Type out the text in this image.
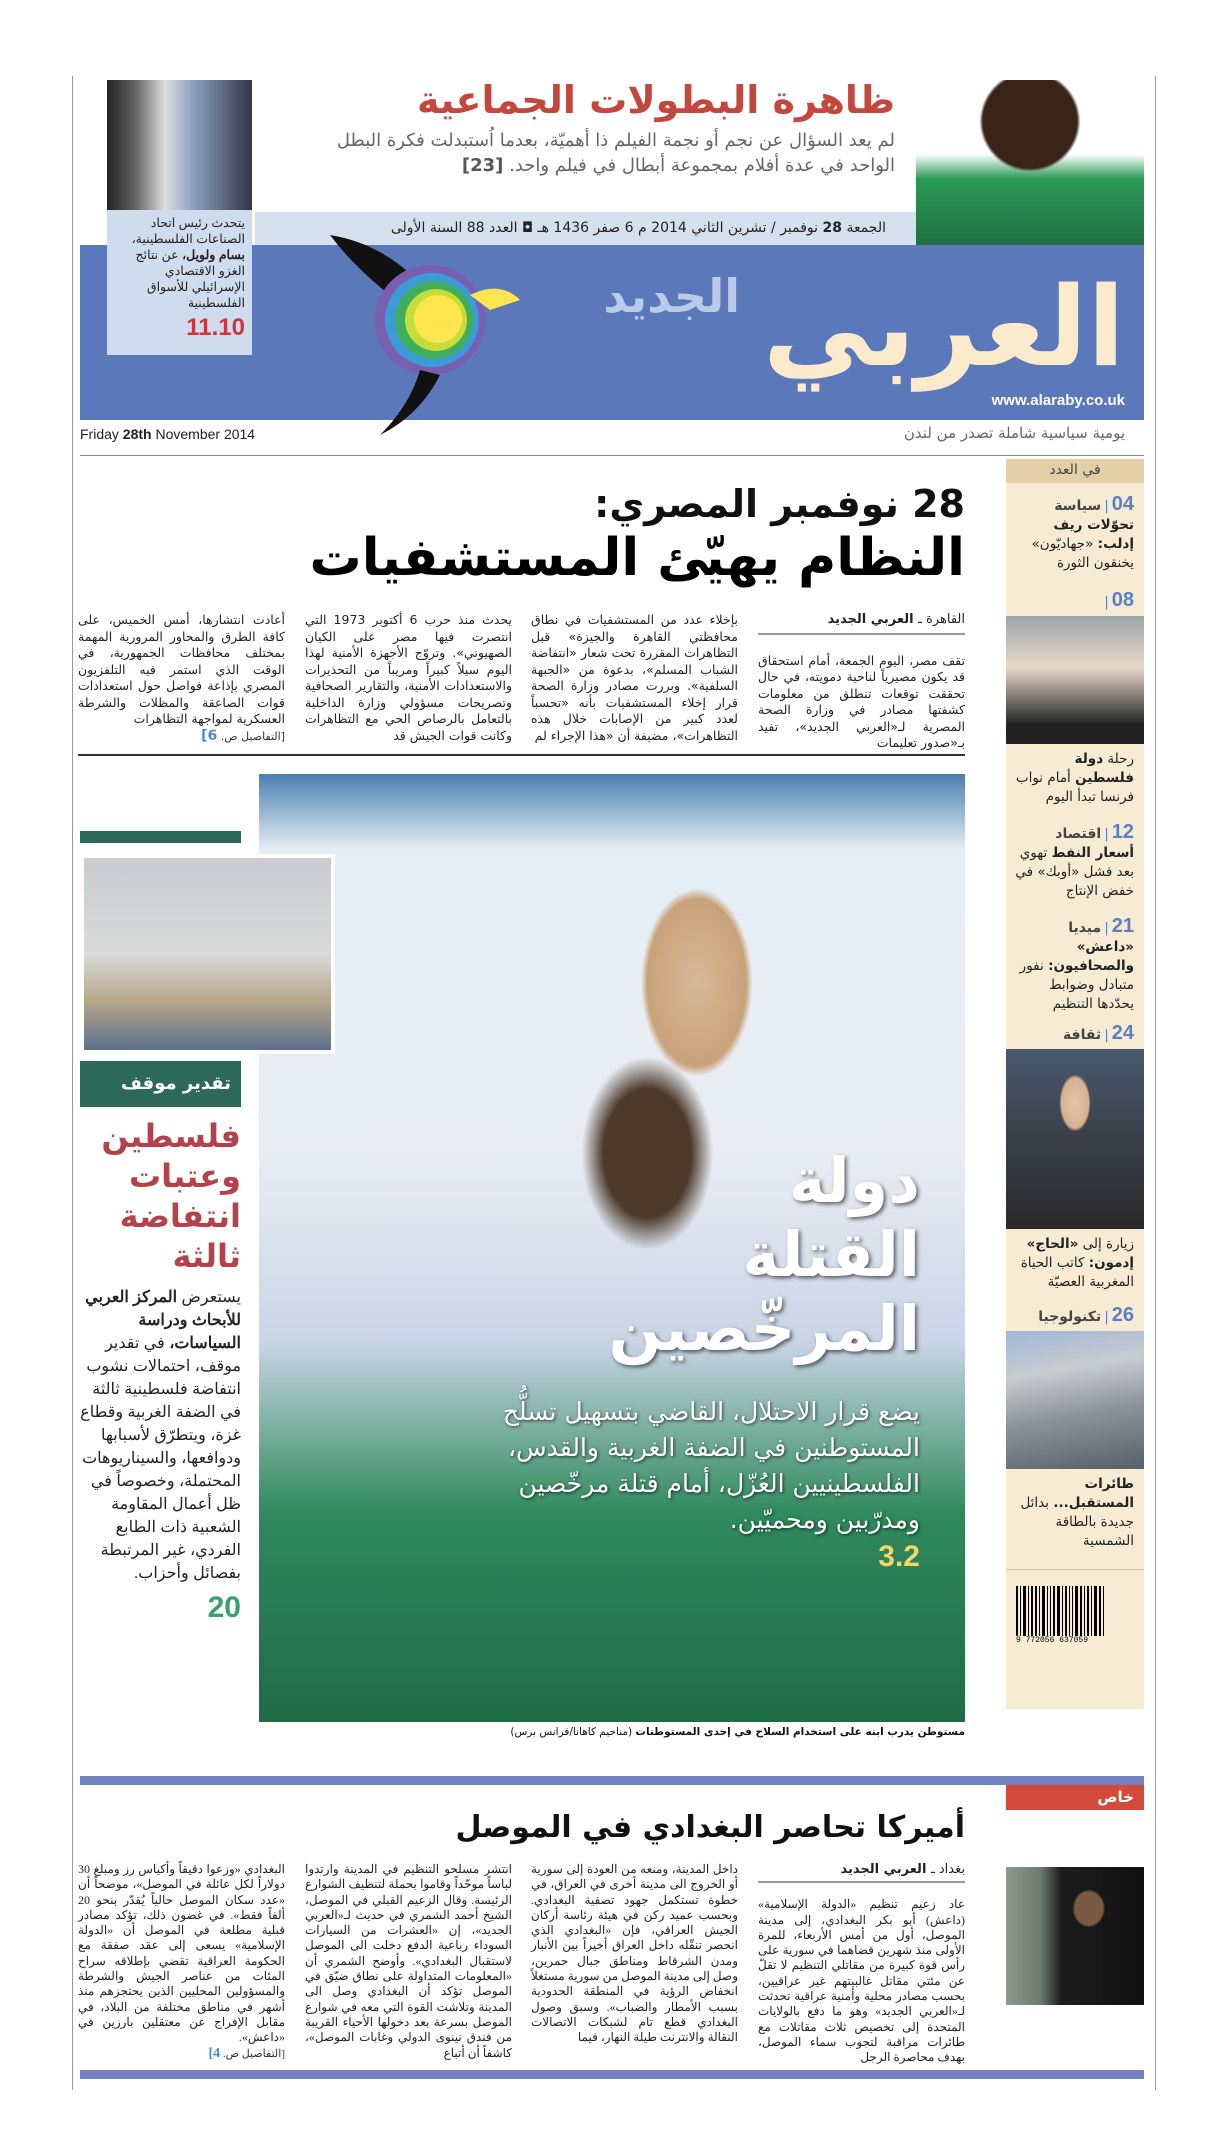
يتحدث رئيس اتحاد الصناعات الفلسطينية، بسام ولويل، عن نتائج الغزو الاقتصادي الإسرائيلي للأسواق الفلسطينية
11.10
ظاهرة البطولات الجماعية
لم يعد السؤال عن نجم أو نجمة الفيلم ذا أهميّة، بعدما اُستبدلت فكرة البطل الواحد في عدة أفلام بمجموعة أبطال في فيلم واحد. [23]
الجمعة 28 نوفمبر / تشرين الثاني 2014 م 6 صفر 1436 هـ ◘ العدد 88 السنة الأولى
الجديد العربي
www.alaraby.co.uk
Friday 28th November 2014	يومية سياسية شاملة تصدر من لندن
في العدد
04|سياسة
تحوّلات ريف إدلب: «جهاديّون» يخنقون الثورة
08|
رحلة دولة فلسطين أمام نواب فرنسا تبدأ اليوم
12|اقتصاد
أسعار النفط تهوي بعد فشل «أوبك» في خفض الإنتاج
21|ميديا
«داعش» والصحافيون: نفور متبادل وضوابط يحدّدها التنظيم
24|ثقافة
زيارة إلى «الحاج» إدمون: كاتب الحياة المغربية العصيّة
26|تكنولوجيا
طائرات المستقبل... بدائل جديدة بالطاقة الشمسية
9 772056 637059
28 نوفمبر المصري:
النظام يهيّئ المستشفيات
القاهرة ـ العربي الجديد
تقف مصر، اليوم الجمعة، أمام استحقاق قد يكون مصيرياً لناحية دمويته، في حال تحققت توقعات تنطلق من معلومات كشفتها مصادر في وزارة الصحة المصرية لـ«العربي الجديد»، تفيد بـ«صدور تعليمات
بإخلاء عدد من المستشفيات في نطاق محافظتي القاهرة والجيزة» قبل التظاهرات المقررة تحت شعار «انتفاضة الشباب المسلم»، بدعوة من «الجبهة السلفية». وبررت مصادر وزارة الصحة قرار إخلاء المستشفيات بأنه «تحسباً لعدد كبير من الإصابات خلال هذه التظاهرات»، مضيفة أن «هذا الإجراء لم
يحدث منذ حرب 6 أكتوبر 1973 التي انتصرت فيها مصر على الكيان الصهيوني». وتروّج الأجهزة الأمنية لهذا اليوم سيلاً كبيراً ومريباً من التحذيرات والاستعدادات الأمنية، والتقارير الصحافية وتصريحات مسؤولي وزارة الداخلية بالتعامل بالرصاص الحي مع التظاهرات وكانت قوات الجيش قد
أعادت انتشارها، أمس الخميس، على كافة الطرق والمحاور المرورية المهمة بمختلف محافظات الجمهورية، في الوقت الذي استمر فيه التلفزيون المصري بإذاعة فواصل حول استعدادات قوات الصاعقة والمظلات والشرطة العسكرية لمواجهة التظاهرات
[التفاصيل ص. 6]
دولة
القتلة
المرخّصين
يضع قرار الاحتلال، القاضي بتسهيل تسلُّح المستوطنين في الضفة الغربية والقدس، الفلسطينيين العُزّل، أمام قتلة مرخّصين ومدرّبين ومحميّين.
3.2
مستوطن يدرب ابنه على استخدام السلاح في إحدى المستوطنات (مناحيم كاهانا/فرانس برس)
تقدير موقف
فلسطين وعتبات انتفاضة ثالثة
يستعرض المركز العربي للأبحاث ودراسة السياسات، في تقدير موقف، احتمالات نشوب انتفاضة فلسطينية ثالثة في الضفة الغربية وقطاع غزة، ويتطرّق لأسبابها ودوافعها، والسيناريوهات المحتملة، وخصوصاً في ظل أعمال المقاومة الشعبية ذات الطابع الفردي، غير المرتبطة بفصائل وأحزاب.
20
خاص
أميركا تحاصر البغدادي في الموصل
بغداد ـ العربي الجديد
عاد زعيم تنظيم «الدولة الإسلامية» (داعش) أبو بكر البغدادي، إلى مدينة الموصل، أول من أمس الأربعاء، للمرة الأولى منذ شهرين قضاهما في سورية على رأس قوة كبيرة من مقاتلي التنظيم لا تقلّ عن مئتي مقاتل غالبيتهم غير عراقيين، بحسب مصادر محلية وأمنية عراقية تحدثت لـ«العربي الجديد» وهو ما دفع بالولايات المتحدة إلى تخصيص ثلاث مقاتلات مع طائرات مراقبة لتجوب سماء الموصل، بهدف محاصرة الرجل
داخل المدينة، ومنعه من العودة إلى سورية أو الخروج الى مدينة أخرى في العراق، في خطوة تستكمل جهود تصفية البغدادي. وبحسب عميد ركن في هيئة رئاسة أركان الجيش العراقي، فإن «البغدادي الذي انحصر تنقّله داخل العراق أخيراً بين الأنبار ومدن الشرقاط ومناطق جبال حمرين، وصل إلى مدينة الموصل من سورية مستغلاً انخفاض الرؤية في المنطقة الحدودية بسبب الأمطار والضباب». وسبق وصول البغدادي قطع تام لشبكات الاتصالات النقالة والانترنت طيلة النهار، فيما
انتشر مسلحو التنظيم في المدينة وارتدوا لباساً موحّداً وقاموا بحملة لتنظيف الشوارع الرئيسة. وقال الزعيم القبلي في الموصل، الشيخ أحمد الشمري في حديث لـ«العربي الجديد»، إن «العشرات من السيارات السوداء رباعية الدفع دخلت الى الموصل لاستقبال البغدادي». وأوضح الشمري أن «المعلومات المتداولة على نطاق ضيّق في الموصل تؤكد أن البغدادي وصل الى المدينة وتلاشت القوة التي معه في شوارع الموصل بسرعة بعد دخولها الأحياء القريبة من فندق نينوى الدولي وغابات الموصل»، كاشفاً أن أتباع
البغدادي «وزعوا دقيقاً وأكياس رز ومبلغ 30 دولاراً لكل عائلة في الموصل»، موضحاً أن «عدد سكان الموصل حالياً يُقدّر بنحو 20 ألفاً فقط». في غضون ذلك، تؤكد مصادر قبلية مطلعة في الموصل أن «الدولة الإسلامية» يسعى إلى عقد صفقة مع الحكومة العراقية تقضي بإطلاقه سراح المئات من عناصر الجيش والشرطة والمسؤولين المحليين الذين يحتجزهم منذ أشهر في مناطق مختلفة من البلاد، في مقابل الإفراج عن معتقلين بارزين في «داعش».
[التفاصيل ص. 4]
